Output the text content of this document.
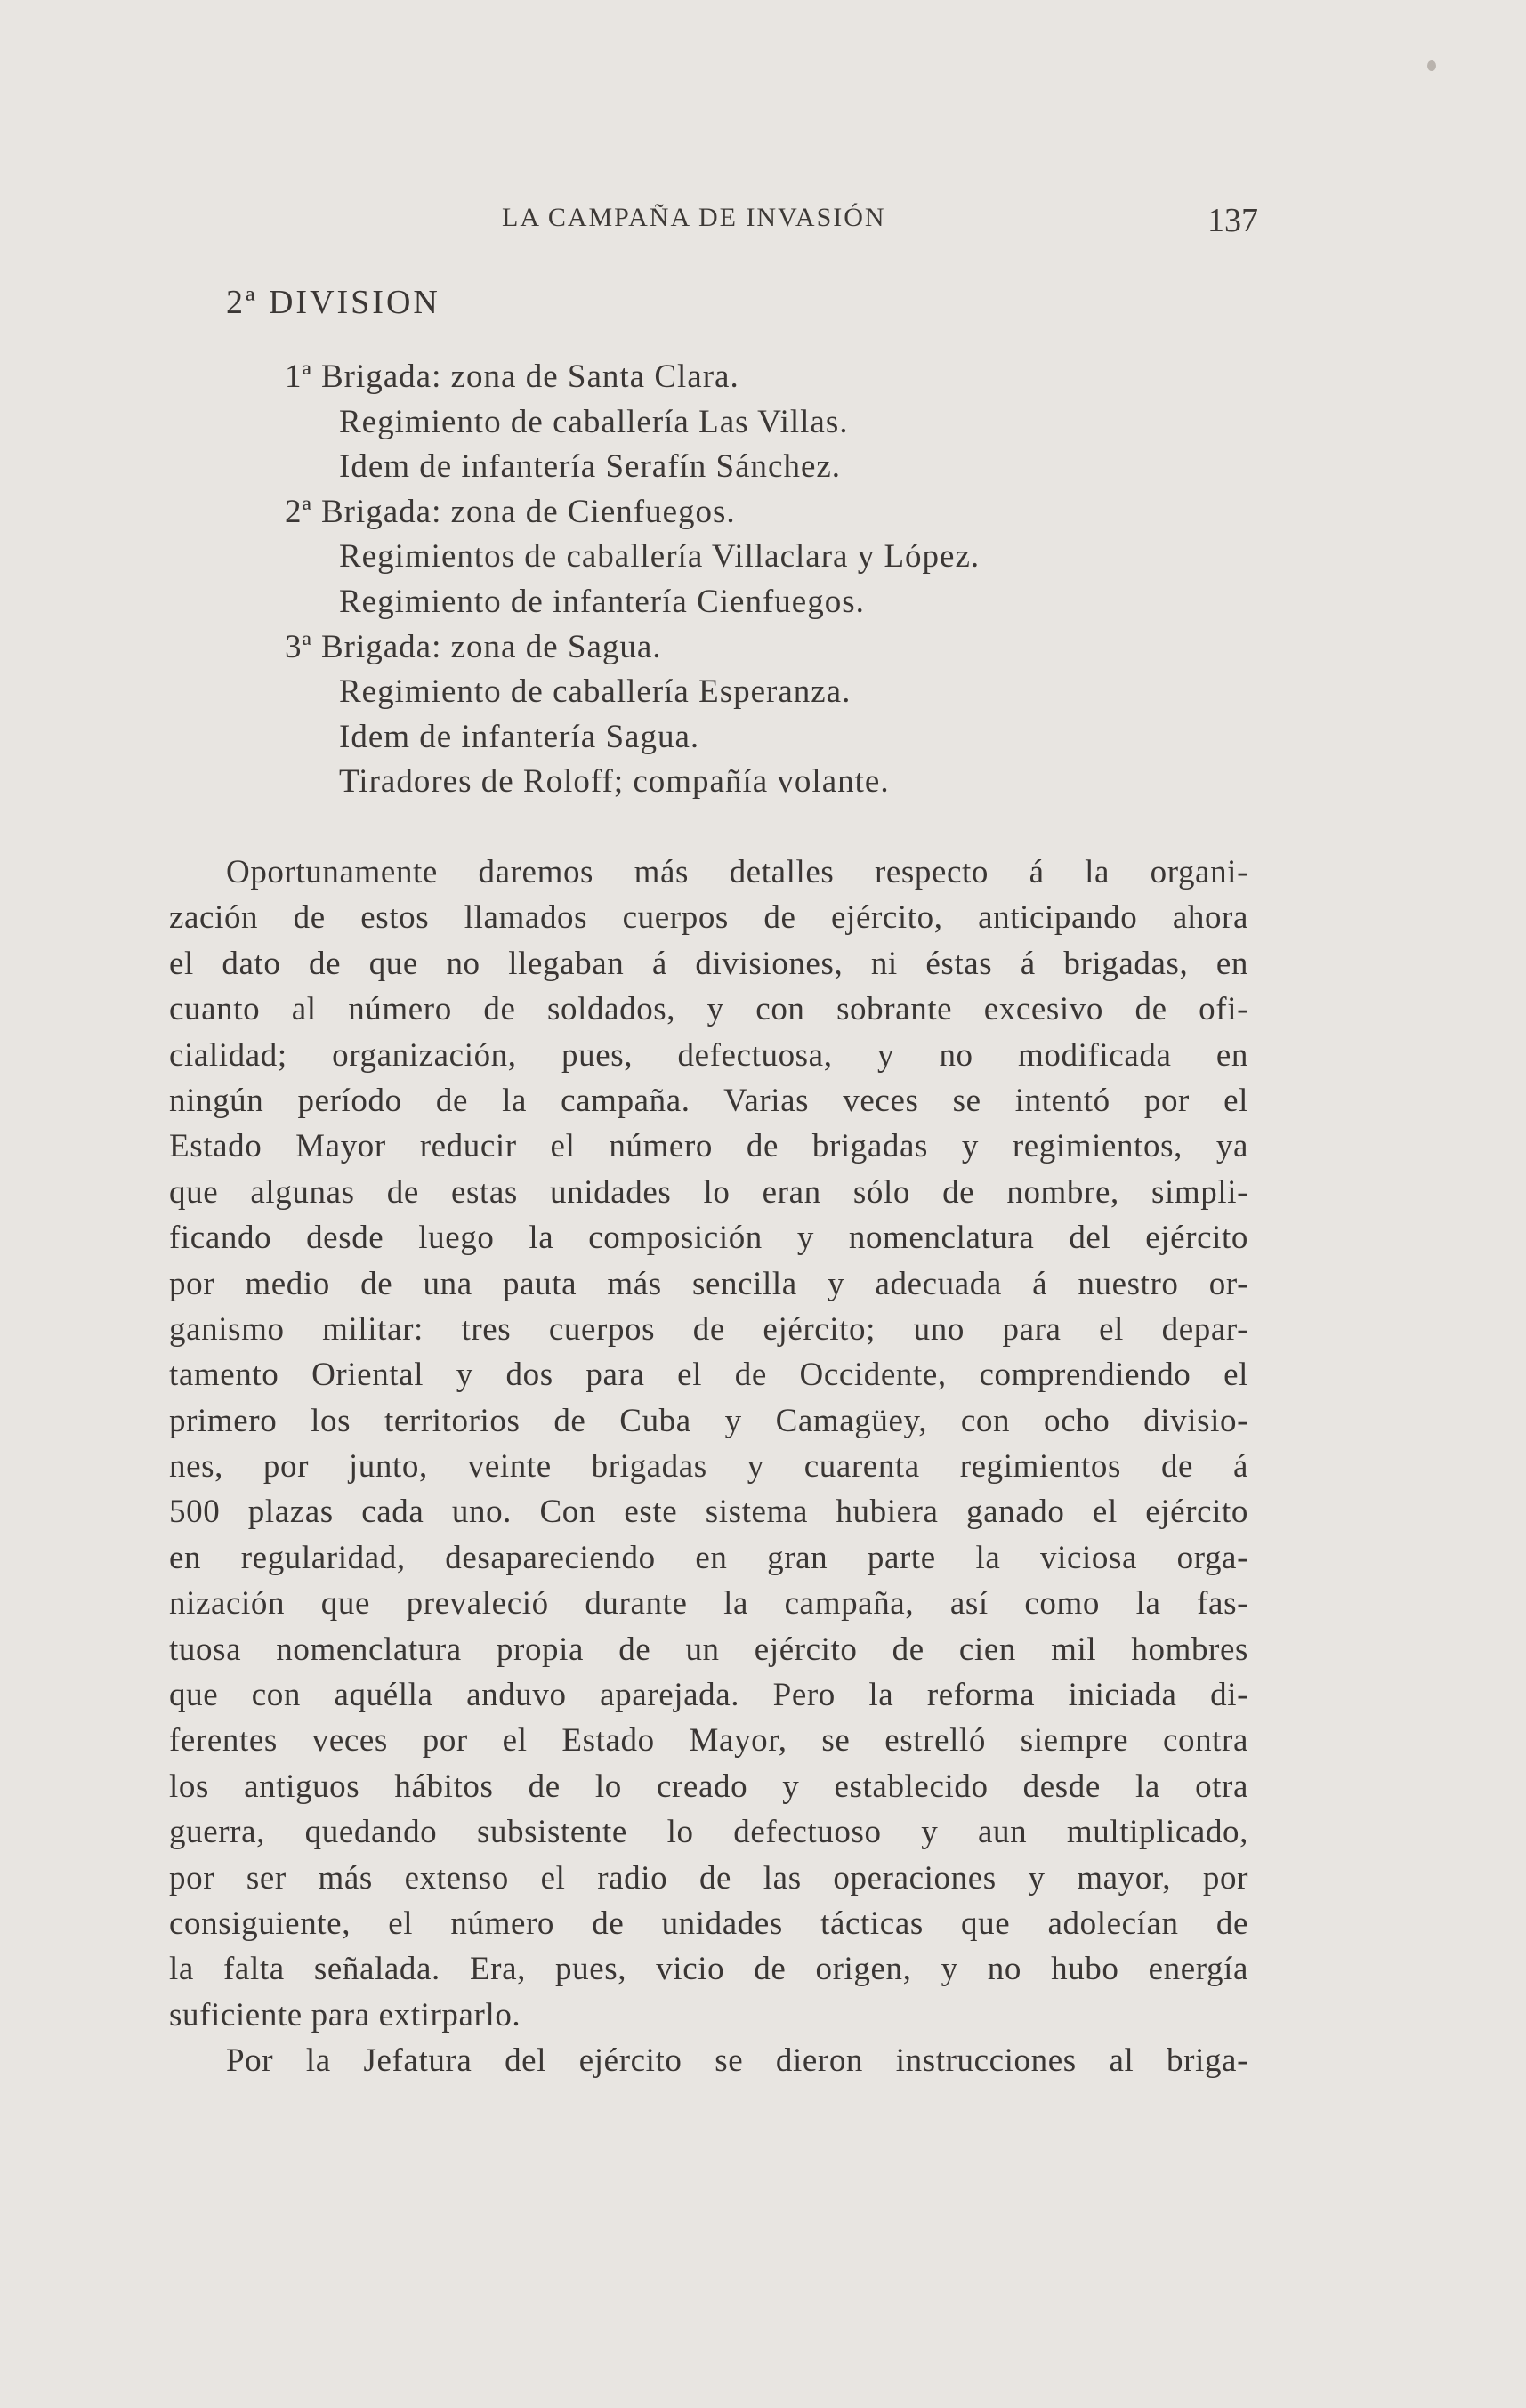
LA CAMPAÑA DE INVASIÓN	137
2ª DIVISION
1ª Brigada: zona de Santa Clara.
Regimiento de caballería Las Villas.
Idem de infantería Serafín Sánchez.
2ª Brigada: zona de Cienfuegos.
Regimientos de caballería Villaclara y López.
Regimiento de infantería Cienfuegos.
3ª Brigada: zona de Sagua.
Regimiento de caballería Esperanza.
Idem de infantería Sagua.
Tiradores de Roloff; compañía volante.
Oportunamente daremos más detalles respecto á la organi-
zación de estos llamados cuerpos de ejército, anticipando ahora
el dato de que no llegaban á divisiones, ni éstas á brigadas, en
cuanto al número de soldados, y con sobrante excesivo de ofi-
cialidad; organización, pues, defectuosa, y no modificada en
ningún período de la campaña. Varias veces se intentó por el
Estado Mayor reducir el número de brigadas y regimientos, ya
que algunas de estas unidades lo eran sólo de nombre, simpli-
ficando desde luego la composición y nomenclatura del ejército
por medio de una pauta más sencilla y adecuada á nuestro or-
ganismo militar: tres cuerpos de ejército; uno para el depar-
tamento Oriental y dos para el de Occidente, comprendiendo el
primero los territorios de Cuba y Camagüey, con ocho divisio-
nes, por junto, veinte brigadas y cuarenta regimientos de á
500 plazas cada uno. Con este sistema hubiera ganado el ejército
en regularidad, desapareciendo en gran parte la viciosa orga-
nización que prevaleció durante la campaña, así como la fas-
tuosa nomenclatura propia de un ejército de cien mil hombres
que con aquélla anduvo aparejada. Pero la reforma iniciada di-
ferentes veces por el Estado Mayor, se estrelló siempre contra
los antiguos hábitos de lo creado y establecido desde la otra
guerra, quedando subsistente lo defectuoso y aun multiplicado,
por ser más extenso el radio de las operaciones y mayor, por
consiguiente, el número de unidades tácticas que adolecían de
la falta señalada. Era, pues, vicio de origen, y no hubo energía
suficiente para extirparlo.
Por la Jefatura del ejército se dieron instrucciones al briga-
